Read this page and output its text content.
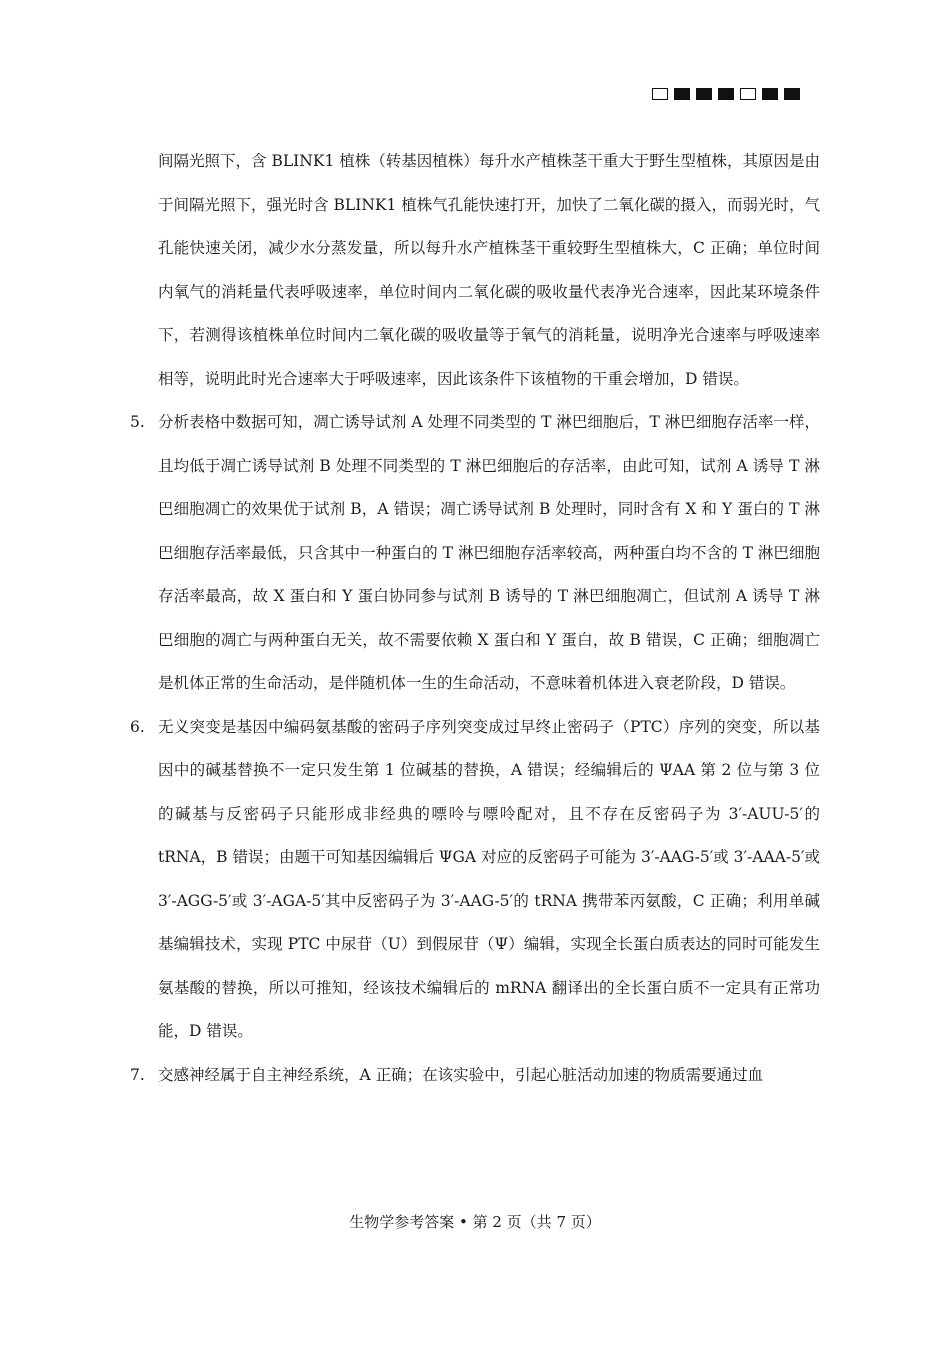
间隔光照下，含 BLINK1 植株（转基因植株）每升水产植株茎干重大于野生型植株，其原因是由于间隔光照下，强光时含 BLINK1 植株气孔能快速打开，加快了二氧化碳的摄入，而弱光时，气孔能快速关闭，减少水分蒸发量，所以每升水产植株茎干重较野生型植株大，C 正确；单位时间内氧气的消耗量代表呼吸速率，单位时间内二氧化碳的吸收量代表净光合速率，因此某环境条件下，若测得该植株单位时间内二氧化碳的吸收量等于氧气的消耗量，说明净光合速率与呼吸速率相等，说明此时光合速率大于呼吸速率，因此该条件下该植物的干重会增加，D 错误。
5. 分析表格中数据可知，凋亡诱导试剂 A 处理不同类型的 T 淋巴细胞后，T 淋巴细胞存活率一样，且均低于凋亡诱导试剂 B 处理不同类型的 T 淋巴细胞后的存活率，由此可知，试剂 A 诱导 T 淋巴细胞凋亡的效果优于试剂 B，A 错误；凋亡诱导试剂 B 处理时，同时含有 X 和 Y 蛋白的 T 淋巴细胞存活率最低，只含其中一种蛋白的 T 淋巴细胞存活率较高，两种蛋白均不含的 T 淋巴细胞存活率最高，故 X 蛋白和 Y 蛋白协同参与试剂 B 诱导的 T 淋巴细胞凋亡，但试剂 A 诱导 T 淋巴细胞的凋亡与两种蛋白无关，故不需要依赖 X 蛋白和 Y 蛋白，故 B 错误，C 正确；细胞凋亡是机体正常的生命活动，是伴随机体一生的生命活动，不意味着机体进入衰老阶段，D 错误。
6. 无义突变是基因中编码氨基酸的密码子序列突变成过早终止密码子（PTC）序列的突变，所以基因中的碱基替换不一定只发生第 1 位碱基的替换，A 错误；经编辑后的 ΨAA 第 2 位与第 3 位的碱基与反密码子只能形成非经典的嘌呤与嘌呤配对，且不存在反密码子为 3′-AUU-5′的 tRNA，B 错误；由题干可知基因编辑后 ΨGA 对应的反密码子可能为 3′-AAG-5′或 3′-AAA-5′或 3′-AGG-5′或 3′-AGA-5′其中反密码子为 3′-AAG-5′的 tRNA 携带苯丙氨酸，C 正确；利用单碱基编辑技术，实现 PTC 中尿苷（U）到假尿苷（Ψ）编辑，实现全长蛋白质表达的同时可能发生氨基酸的替换，所以可推知，经该技术编辑后的 mRNA 翻译出的全长蛋白质不一定具有正常功能，D 错误。
7. 交感神经属于自主神经系统，A 正确；在该实验中，引起心脏活动加速的物质需要通过血
生物学参考答案 • 第 2 页（共 7 页）
